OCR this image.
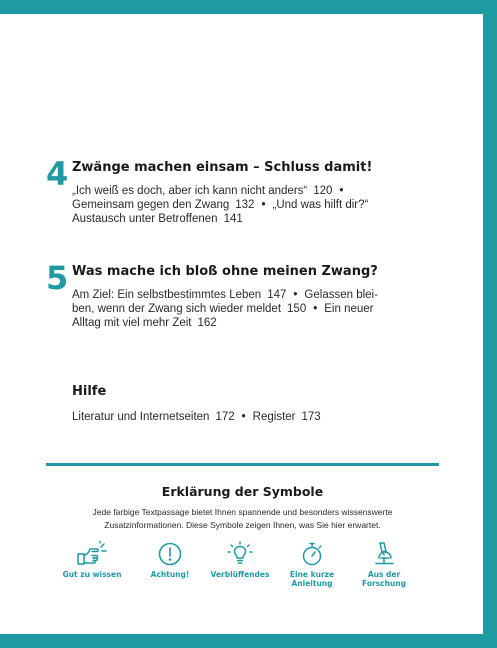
4 Zwänge machen einsam – Schluss damit!
„Ich weiß es doch, aber ich kann nicht anders“ 120 •
Gemeinsam gegen den Zwang 132 • „Und was hilft dir?“
Austausch unter Betroffenen 141
5 Was mache ich bloß ohne meinen Zwang?
Am Ziel: Ein selbstbestimmtes Leben 147 • Gelassen blei-
ben, wenn der Zwang sich wieder meldet 150 • Ein neuer
Alltag mit viel mehr Zeit 162
Hilfe
Literatur und Internetseiten 172 • Register 173
Erklärung der Symbole
Jede farbige Textpassage bietet Ihnen spannende und besonders wissenswerte
Zusatzinformationen. Diese Symbole zeigen Ihnen, was Sie hier erwartet.
Gut zu wissen	Achtung!	Verblüffendes	Eine kurze
Anleitung
Aus der
Forschung
